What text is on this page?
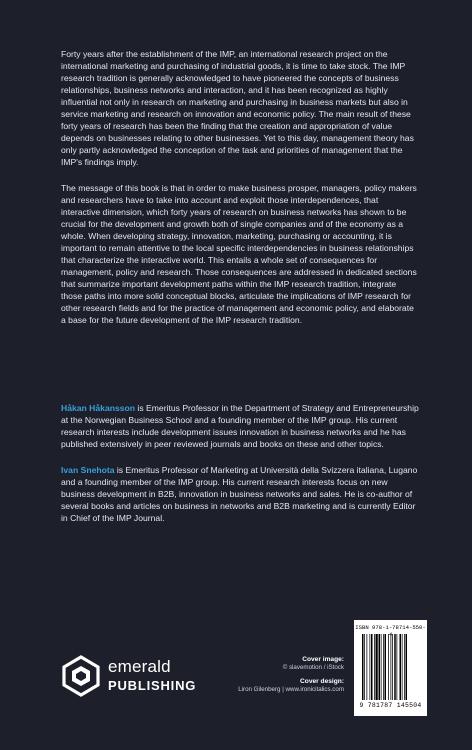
Forty years after the establishment of the IMP, an international research project on the international marketing and purchasing of industrial goods, it is time to take stock. The IMP research tradition is generally acknowledged to have pioneered the concepts of business relationships, business networks and interaction, and it has been recognized as highly influential not only in research on marketing and purchasing in business markets but also in service marketing and research on innovation and economic policy. The main result of these forty years of research has been the finding that the creation and appropriation of value depends on businesses relating to other businesses. Yet to this day, management theory has only partly acknowledged the conception of the task and priorities of management that the IMP's findings imply.

The message of this book is that in order to make business prosper, managers, policy makers and researchers have to take into account and exploit those interdependences, that interactive dimension, which forty years of research on business networks has shown to be crucial for the development and growth both of single companies and of the economy as a whole. When developing strategy, innovation, marketing, purchasing or accounting, it is important to remain attentive to the local specific interdependencies in business relationships that characterize the interactive world. This entails a whole set of consequences for management, policy and research. Those consequences are addressed in dedicated sections that summarize important development paths within the IMP research tradition, integrate those paths into more solid conceptual blocks, articulate the implications of IMP research for other research fields and for the practice of management and economic policy, and elaborate a base for the future development of the IMP research tradition.

Håkan Håkansson is Emeritus Professor in the Department of Strategy and Entrepreneurship at the Norwegian Business School and a founding member of the IMP group. His current research interests include development issues innovation in business networks and he has published extensively in peer reviewed journals and books on these and other topics.

Ivan Snehota is Emeritus Professor of Marketing at Università della Svizzera italiana, Lugano and a founding member of the IMP group. His current research interests focus on new business development in B2B, innovation in business networks and sales. He is co-author of several books and articles on business in networks and B2B marketing and is currently Editor in Chief of the IMP Journal.

emerald
PUBLISHING
Cover image:
© slavemotion / iStock
Cover design:
Liron Gilenberg | www.ironicitalics.com
ISBN 978-1-78714-550-4
9 781787 145504
